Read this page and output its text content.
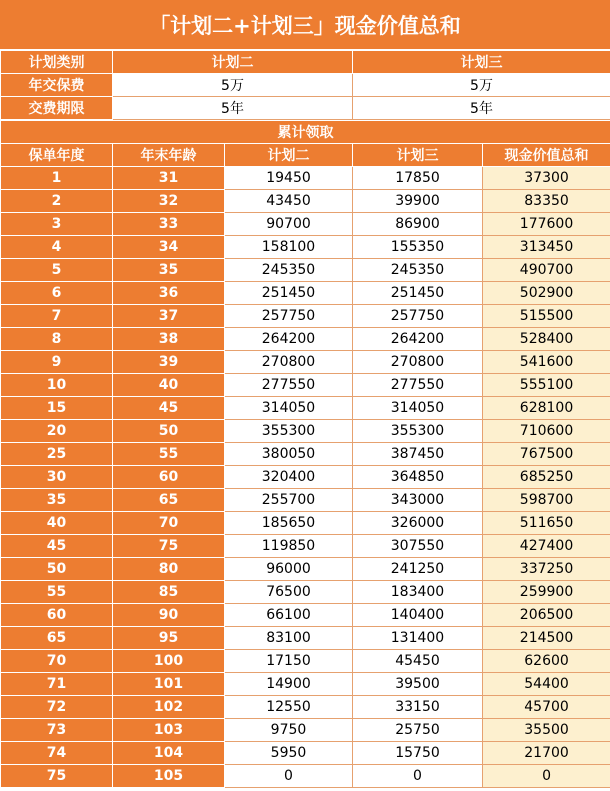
「计划二+计划三」现金价值总和
计划类别	计划二	计划三
年交保费	5万	5万
交费期限	5年	5年
累计领取				
保单年度	年末年龄	计划二	计划三	现金价值总和
1	31	19450	17850	37300
2	32	43450	39900	83350
3	33	90700	86900	177600
4	34	158100	155350	313450
5	35	245350	245350	490700
6	36	251450	251450	502900
7	37	257750	257750	515500
8	38	264200	264200	528400
9	39	270800	270800	541600
10	40	277550	277550	555100
15	45	314050	314050	628100
20	50	355300	355300	710600
25	55	380050	387450	767500
30	60	320400	364850	685250
35	65	255700	343000	598700
40	70	185650	326000	511650
45	75	119850	307550	427400
50	80	96000	241250	337250
55	85	76500	183400	259900
60	90	66100	140400	206500
65	95	83100	131400	214500
70	100	17150	45450	62600
71	101	14900	39500	54400
72	102	12550	33150	45700
73	103	9750	25750	35500
74	104	5950	15750	21700
75	105	0	0	0
